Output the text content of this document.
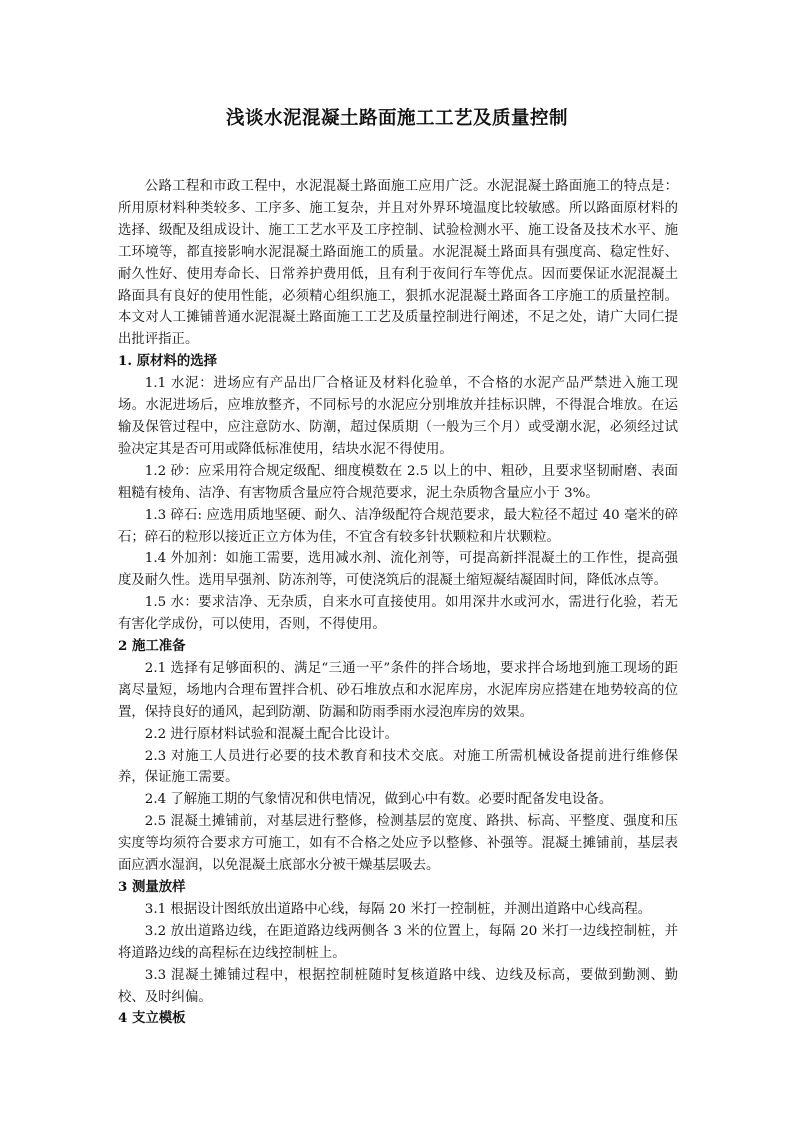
浅谈水泥混凝土路面施工工艺及质量控制

公路工程和市政工程中，水泥混凝土路面施工应用广泛。水泥混凝土路面施工的特点是：所用原材料种类较多、工序多、施工复杂，并且对外界环境温度比较敏感。所以路面原材料的选择、级配及组成设计、施工工艺水平及工序控制、试验检测水平、施工设备及技术水平、施工环境等，都直接影响水泥混凝土路面施工的质量。水泥混凝土路面具有强度高、稳定性好、耐久性好、使用寿命长、日常养护费用低，且有利于夜间行车等优点。因而要保证水泥混凝土路面具有良好的使用性能，必须精心组织施工，狠抓水泥混凝土路面各工序施工的质量控制。本文对人工摊铺普通水泥混凝土路面施工工艺及质量控制进行阐述，不足之处，请广大同仁提出批评指正。

1. 原材料的选择

1.1 水泥：进场应有产品出厂合格证及材料化验单，不合格的水泥产品严禁进入施工现场。水泥进场后，应堆放整齐，不同标号的水泥应分别堆放并挂标识牌，不得混合堆放。在运输及保管过程中，应注意防水、防潮，超过保质期（一般为三个月）或受潮水泥，必须经过试验决定其是否可用或降低标准使用，结块水泥不得使用。

1.2 砂：应采用符合规定级配、细度模数在 2.5 以上的中、粗砂，且要求坚韧耐磨、表面粗糙有棱角、洁净、有害物质含量应符合规范要求，泥土杂质物含量应小于 3%。

1.3 碎石: 应选用质地坚硬、耐久、洁净级配符合规范要求，最大粒径不超过 40 毫米的碎石；碎石的粒形以接近正立方体为佳，不宜含有较多针状颗粒和片状颗粒。

1.4 外加剂：如施工需要，选用减水剂、流化剂等，可提高新拌混凝土的工作性，提高强度及耐久性。选用早强剂、防冻剂等，可使浇筑后的混凝土缩短凝结凝固时间，降低冰点等。

1.5 水：要求洁净、无杂质，自来水可直接使用。如用深井水或河水，需进行化验，若无有害化学成份，可以使用，否则，不得使用。

2 施工准备

2.1 选择有足够面积的、满足“三通一平”条件的拌合场地，要求拌合场地到施工现场的距离尽量短，场地内合理布置拌合机、砂石堆放点和水泥库房，水泥库房应搭建在地势较高的位置，保持良好的通风，起到防潮、防漏和防雨季雨水浸泡库房的效果。

2.2 进行原材料试验和混凝土配合比设计。

2.3 对施工人员进行必要的技术教育和技术交底。对施工所需机械设备提前进行维修保养，保证施工需要。

2.4 了解施工期的气象情况和供电情况，做到心中有数。必要时配备发电设备。

2.5 混凝土摊铺前，对基层进行整修，检测基层的宽度、路拱、标高、平整度、强度和压实度等均须符合要求方可施工，如有不合格之处应予以整修、补强等。混凝土摊铺前，基层表面应洒水湿润，以免混凝土底部水分被干燥基层吸去。

3 测量放样

3.1 根据设计图纸放出道路中心线，每隔 20 米打一控制桩，并测出道路中心线高程。

3.2 放出道路边线，在距道路边线两侧各 3 米的位置上，每隔 20 米打一边线控制桩，并将道路边线的高程标在边线控制桩上。

3.3 混凝土摊铺过程中，根据控制桩随时复核道路中线、边线及标高，要做到勤测、勤校、及时纠偏。

4 支立模板
